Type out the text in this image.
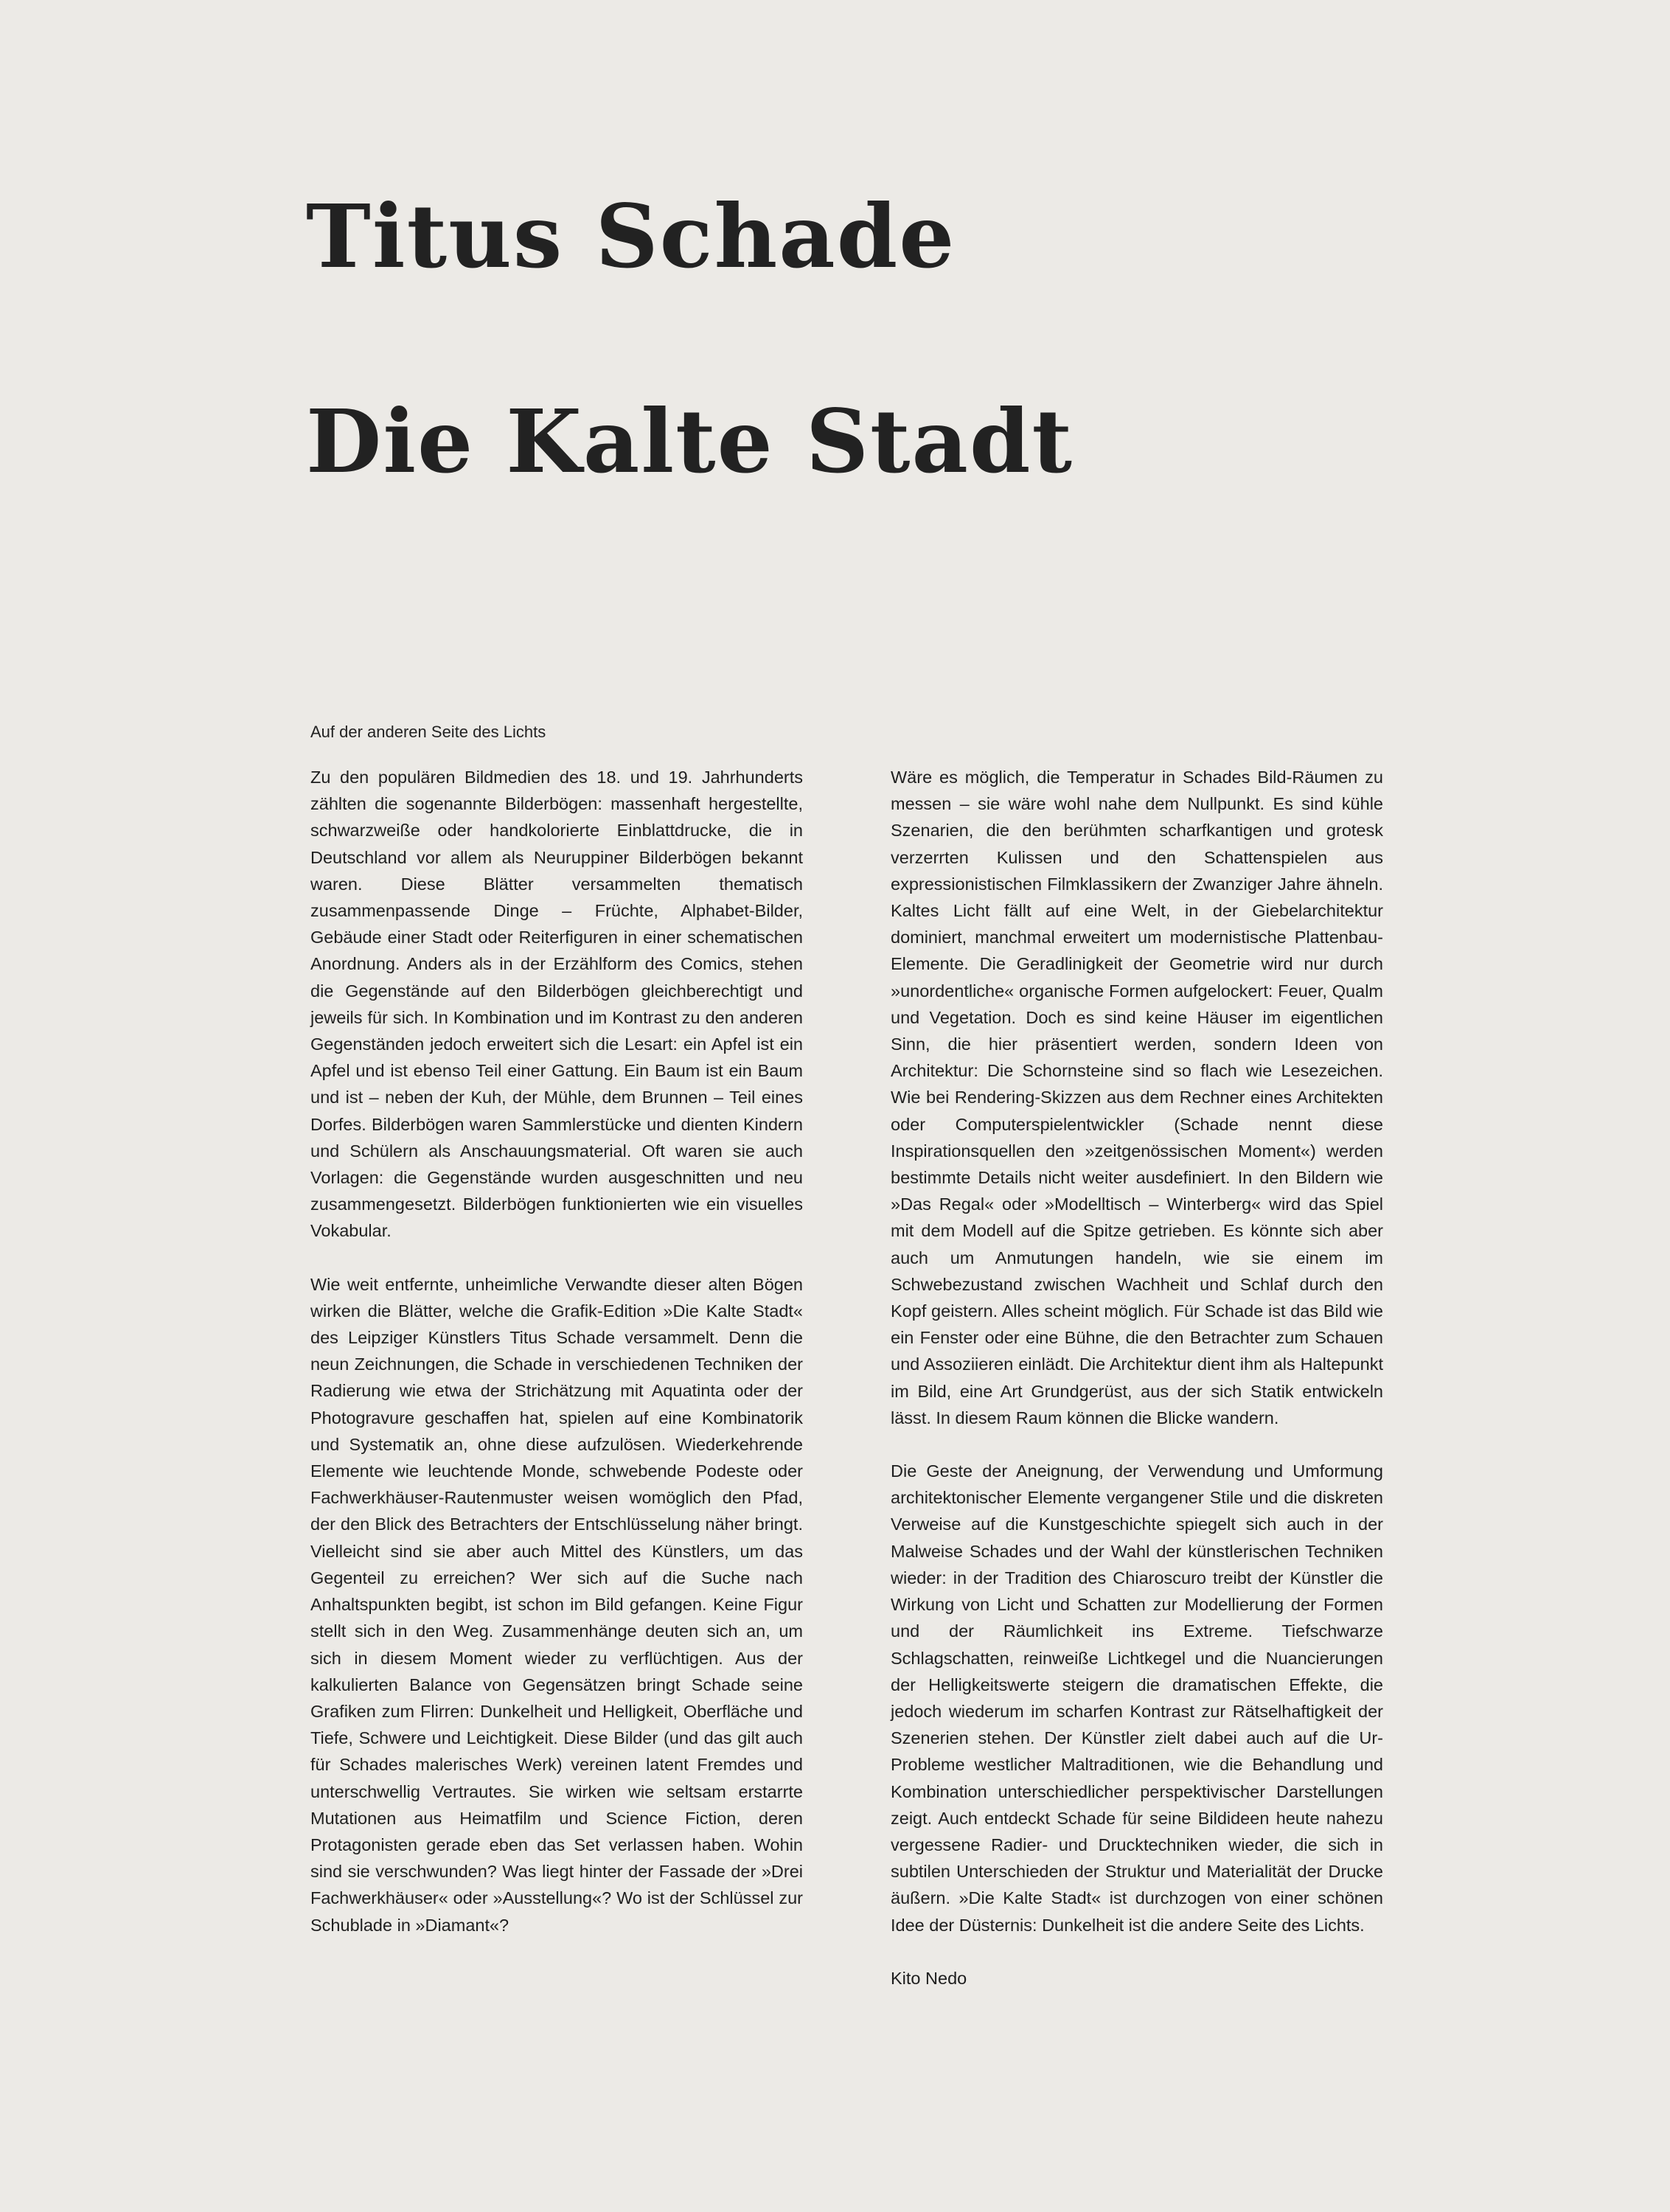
Titus Schade
Die Kalte Stadt
Auf der anderen Seite des Lichts

Zu den populären Bildmedien des 18. und 19. Jahrhunderts zählten die sogenannte Bilderbögen: massenhaft hergestellte, schwarzweiße oder handkolorierte Einblattdrucke, die in Deutschland vor allem als Neuruppiner Bilderbögen bekannt waren. Diese Blätter versammelten thematisch zusammenpassende Dinge – Früchte, Alphabet-Bilder, Gebäude einer Stadt oder Reiterfiguren in einer schematischen Anordnung. Anders als in der Erzählform des Comics, stehen die Gegenstände auf den Bilderbögen gleichberechtigt und jeweils für sich. In Kombination und im Kontrast zu den anderen Gegenständen jedoch erweitert sich die Lesart: ein Apfel ist ein Apfel und ist ebenso Teil einer Gattung. Ein Baum ist ein Baum und ist – neben der Kuh, der Mühle, dem Brunnen – Teil eines Dorfes. Bilderbögen waren Sammlerstücke und dienten Kindern und Schülern als Anschauungsmaterial. Oft waren sie auch Vorlagen: die Gegenstände wurden ausgeschnitten und neu zusammengesetzt. Bilderbögen funktionierten wie ein visuelles Vokabular.

Wie weit entfernte, unheimliche Verwandte dieser alten Bögen wirken die Blätter, welche die Grafik-Edition »Die Kalte Stadt« des Leipziger Künstlers Titus Schade versammelt. Denn die neun Zeichnungen, die Schade in verschiedenen Techniken der Radierung wie etwa der Strichätzung mit Aquatinta oder der Photogravure geschaffen hat, spielen auf eine Kombinatorik und Systematik an, ohne diese aufzulösen. Wiederkehrende Elemente wie leuchtende Monde, schwebende Podeste oder Fachwerkhäuser-Rautenmuster weisen womöglich den Pfad, der den Blick des Betrachters der Entschlüsselung näher bringt. Vielleicht sind sie aber auch Mittel des Künstlers, um das Gegenteil zu erreichen? Wer sich auf die Suche nach Anhaltspunkten begibt, ist schon im Bild gefangen. Keine Figur stellt sich in den Weg. Zusammenhänge deuten sich an, um sich in diesem Moment wieder zu verflüchtigen. Aus der kalkulierten Balance von Gegensätzen bringt Schade seine Grafiken zum Flirren: Dunkelheit und Helligkeit, Oberfläche und Tiefe, Schwere und Leichtigkeit. Diese Bilder (und das gilt auch für Schades malerisches Werk) vereinen latent Fremdes und unterschwellig Vertrautes. Sie wirken wie seltsam erstarrte Mutationen aus Heimatfilm und Science Fiction, deren Protagonisten gerade eben das Set verlassen haben. Wohin sind sie verschwunden? Was liegt hinter der Fassade der »Drei Fachwerkhäuser« oder »Ausstellung«? Wo ist der Schlüssel zur Schublade in »Diamant«?

Wäre es möglich, die Temperatur in Schades Bild-Räumen zu messen – sie wäre wohl nahe dem Nullpunkt. Es sind kühle Szenarien, die den berühmten scharfkantigen und grotesk verzerrten Kulissen und den Schattenspielen aus expressionistischen Filmklassikern der Zwanziger Jahre ähneln. Kaltes Licht fällt auf eine Welt, in der Giebelarchitektur dominiert, manchmal erweitert um modernistische Plattenbau-Elemente. Die Geradlinigkeit der Geometrie wird nur durch »unordentliche« organische Formen aufgelockert: Feuer, Qualm und Vegetation. Doch es sind keine Häuser im eigentlichen Sinn, die hier präsentiert werden, sondern Ideen von Architektur: Die Schornsteine sind so flach wie Lesezeichen. Wie bei Rendering-Skizzen aus dem Rechner eines Architekten oder Computerspielentwickler (Schade nennt diese Inspirationsquellen den »zeitgenössischen Moment«) werden bestimmte Details nicht weiter ausdefiniert. In den Bildern wie »Das Regal« oder »Modelltisch – Winterberg« wird das Spiel mit dem Modell auf die Spitze getrieben. Es könnte sich aber auch um Anmutungen handeln, wie sie einem im Schwebezustand zwischen Wachheit und Schlaf durch den Kopf geistern. Alles scheint möglich. Für Schade ist das Bild wie ein Fenster oder eine Bühne, die den Betrachter zum Schauen und Assoziieren einlädt. Die Architektur dient ihm als Haltepunkt im Bild, eine Art Grundgerüst, aus der sich Statik entwickeln lässt. In diesem Raum können die Blicke wandern.

Die Geste der Aneignung, der Verwendung und Umformung architektonischer Elemente vergangener Stile und die diskreten Verweise auf die Kunstgeschichte spiegelt sich auch in der Malweise Schades und der Wahl der künstlerischen Techniken wieder: in der Tradition des Chiaroscuro treibt der Künstler die Wirkung von Licht und Schatten zur Modellierung der Formen und der Räumlichkeit ins Extreme. Tiefschwarze Schlagschatten, reinweiße Lichtkegel und die Nuancierungen der Helligkeitswerte steigern die dramatischen Effekte, die jedoch wiederum im scharfen Kontrast zur Rätselhaftigkeit der Szenerien stehen. Der Künstler zielt dabei auch auf die Ur-Probleme westlicher Maltraditionen, wie die Behandlung und Kombination unterschiedlicher perspektivischer Darstellungen zeigt. Auch entdeckt Schade für seine Bildideen heute nahezu vergessene Radier- und Drucktechniken wieder, die sich in subtilen Unterschieden der Struktur und Materialität der Drucke äußern. »Die Kalte Stadt« ist durchzogen von einer schönen Idee der Düsternis: Dunkelheit ist die andere Seite des Lichts.

Kito Nedo
